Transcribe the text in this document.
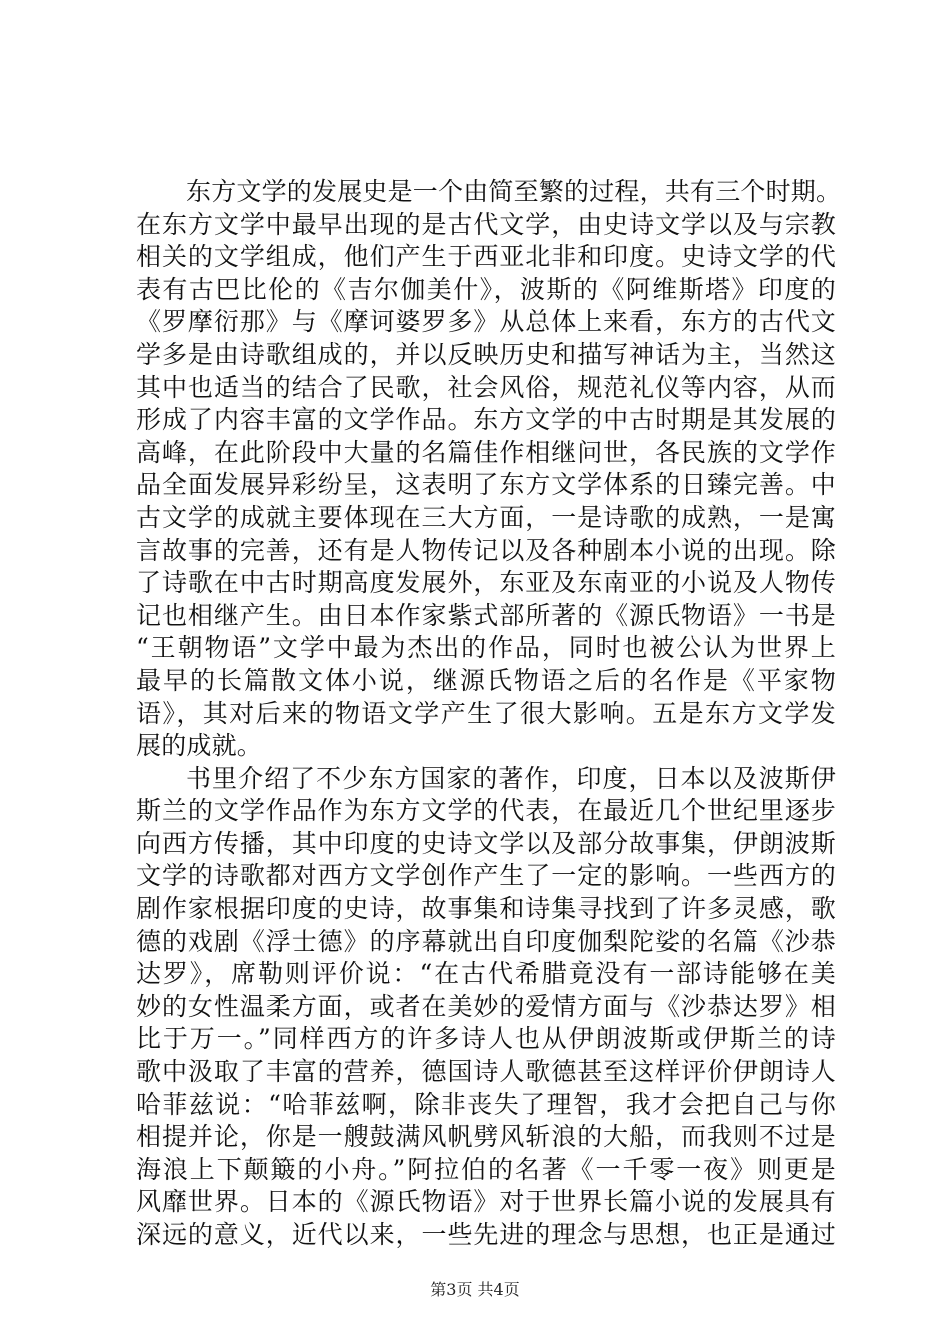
东方文学的发展史是一个由简至繁的过程，共有三个时期。
在东方文学中最早出现的是古代文学，由史诗文学以及与宗教
相关的文学组成，他们产生于西亚北非和印度。史诗文学的代
表有古巴比伦的《吉尔伽美什》，波斯的《阿维斯塔》印度的
《罗摩衍那》与《摩诃婆罗多》从总体上来看，东方的古代文
学多是由诗歌组成的，并以反映历史和描写神话为主，当然这
其中也适当的结合了民歌，社会风俗，规范礼仪等内容，从而
形成了内容丰富的文学作品。东方文学的中古时期是其发展的
高峰，在此阶段中大量的名篇佳作相继问世，各民族的文学作
品全面发展异彩纷呈，这表明了东方文学体系的日臻完善。中
古文学的成就主要体现在三大方面，一是诗歌的成熟，一是寓
言故事的完善，还有是人物传记以及各种剧本小说的出现。除
了诗歌在中古时期高度发展外，东亚及东南亚的小说及人物传
记也相继产生。由日本作家紫式部所著的《源氏物语》一书是
“王朝物语”文学中最为杰出的作品，同时也被公认为世界上
最早的长篇散文体小说，继源氏物语之后的名作是《平家物
语》，其对后来的物语文学产生了很大影响。五是东方文学发
展的成就。
书里介绍了不少东方国家的著作，印度，日本以及波斯伊
斯兰的文学作品作为东方文学的代表，在最近几个世纪里逐步
向西方传播，其中印度的史诗文学以及部分故事集，伊朗波斯
文学的诗歌都对西方文学创作产生了一定的影响。一些西方的
剧作家根据印度的史诗，故事集和诗集寻找到了许多灵感，歌
德的戏剧《浮士德》的序幕就出自印度伽梨陀娑的名篇《沙恭
达罗》，席勒则评价说：“在古代希腊竟没有一部诗能够在美
妙的女性温柔方面，或者在美妙的爱情方面与《沙恭达罗》相
比于万一。”同样西方的许多诗人也从伊朗波斯或伊斯兰的诗
歌中汲取了丰富的营养，德国诗人歌德甚至这样评价伊朗诗人
哈菲兹说：“哈菲兹啊，除非丧失了理智，我才会把自己与你
相提并论，你是一艘鼓满风帆劈风斩浪的大船，而我则不过是
海浪上下颠簸的小舟。”阿拉伯的名著《一千零一夜》则更是
风靡世界。日本的《源氏物语》对于世界长篇小说的发展具有
深远的意义，近代以来，一些先进的理念与思想，也正是通过
第3页 共4页
